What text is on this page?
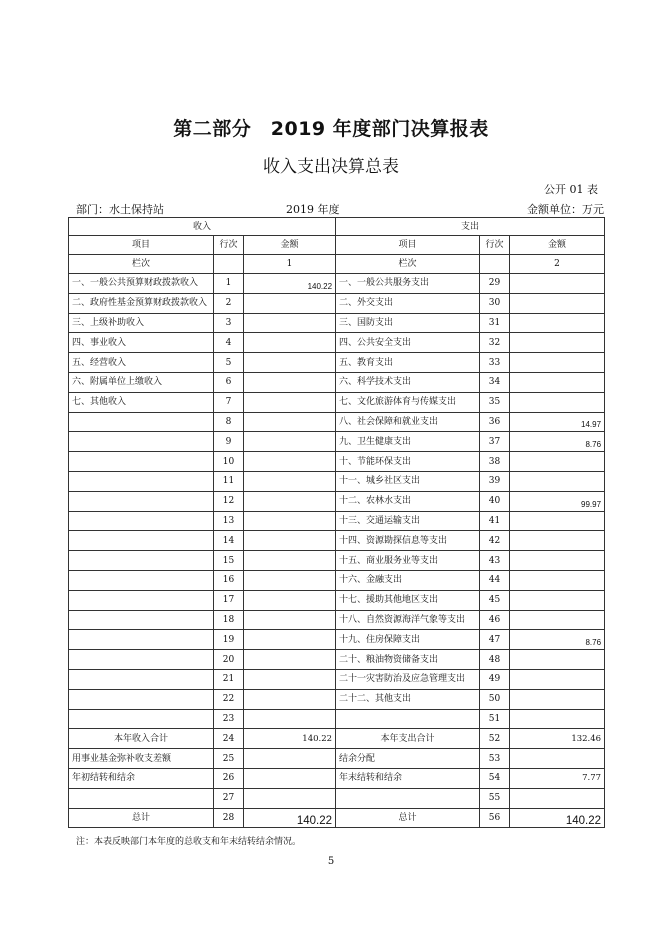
第二部分　2019 年度部门决算报表
收入支出决算总表
公开 01 表
部门：水土保持站	2019 年度	金额单位：万元
收入			支出		
项目	行次	金额	项目	行次	金额
栏次		1	栏次		2
一、一般公共预算财政拨款收入	1	140.22	一、一般公共服务支出	29	
二、政府性基金预算财政拨款收入	2		二、外交支出	30	
三、上级补助收入	3		三、国防支出	31	
四、事业收入	4		四、公共安全支出	32	
五、经营收入	5		五、教育支出	33	
六、附属单位上缴收入	6		六、科学技术支出	34	
七、其他收入	7		七、文化旅游体育与传媒支出	35	
	8		八、社会保障和就业支出	36	14.97
	9		九、卫生健康支出	37	8.76
	10		十、节能环保支出	38	
	11		十一、城乡社区支出	39	
	12		十二、农林水支出	40	99.97
	13		十三、交通运输支出	41	
	14		十四、资源勘探信息等支出	42	
	15		十五、商业服务业等支出	43	
	16		十六、金融支出	44	
	17		十七、援助其他地区支出	45	
	18		十八、自然资源海洋气象等支出	46	
	19		十九、住房保障支出	47	8.76
	20		二十、粮油物资储备支出	48	
	21		二十一灾害防治及应急管理支出	49	
	22		二十二、其他支出	50	
	23			51	
本年收入合计	24	140.22	本年支出合计	52	132.46
用事业基金弥补收支差额	25		结余分配	53	
年初结转和结余	26		年末结转和结余	54	7.77
	27			55	
总计	28	140.22	总计	56	140.22
注：本表反映部门本年度的总收支和年末结转结余情况。
5
